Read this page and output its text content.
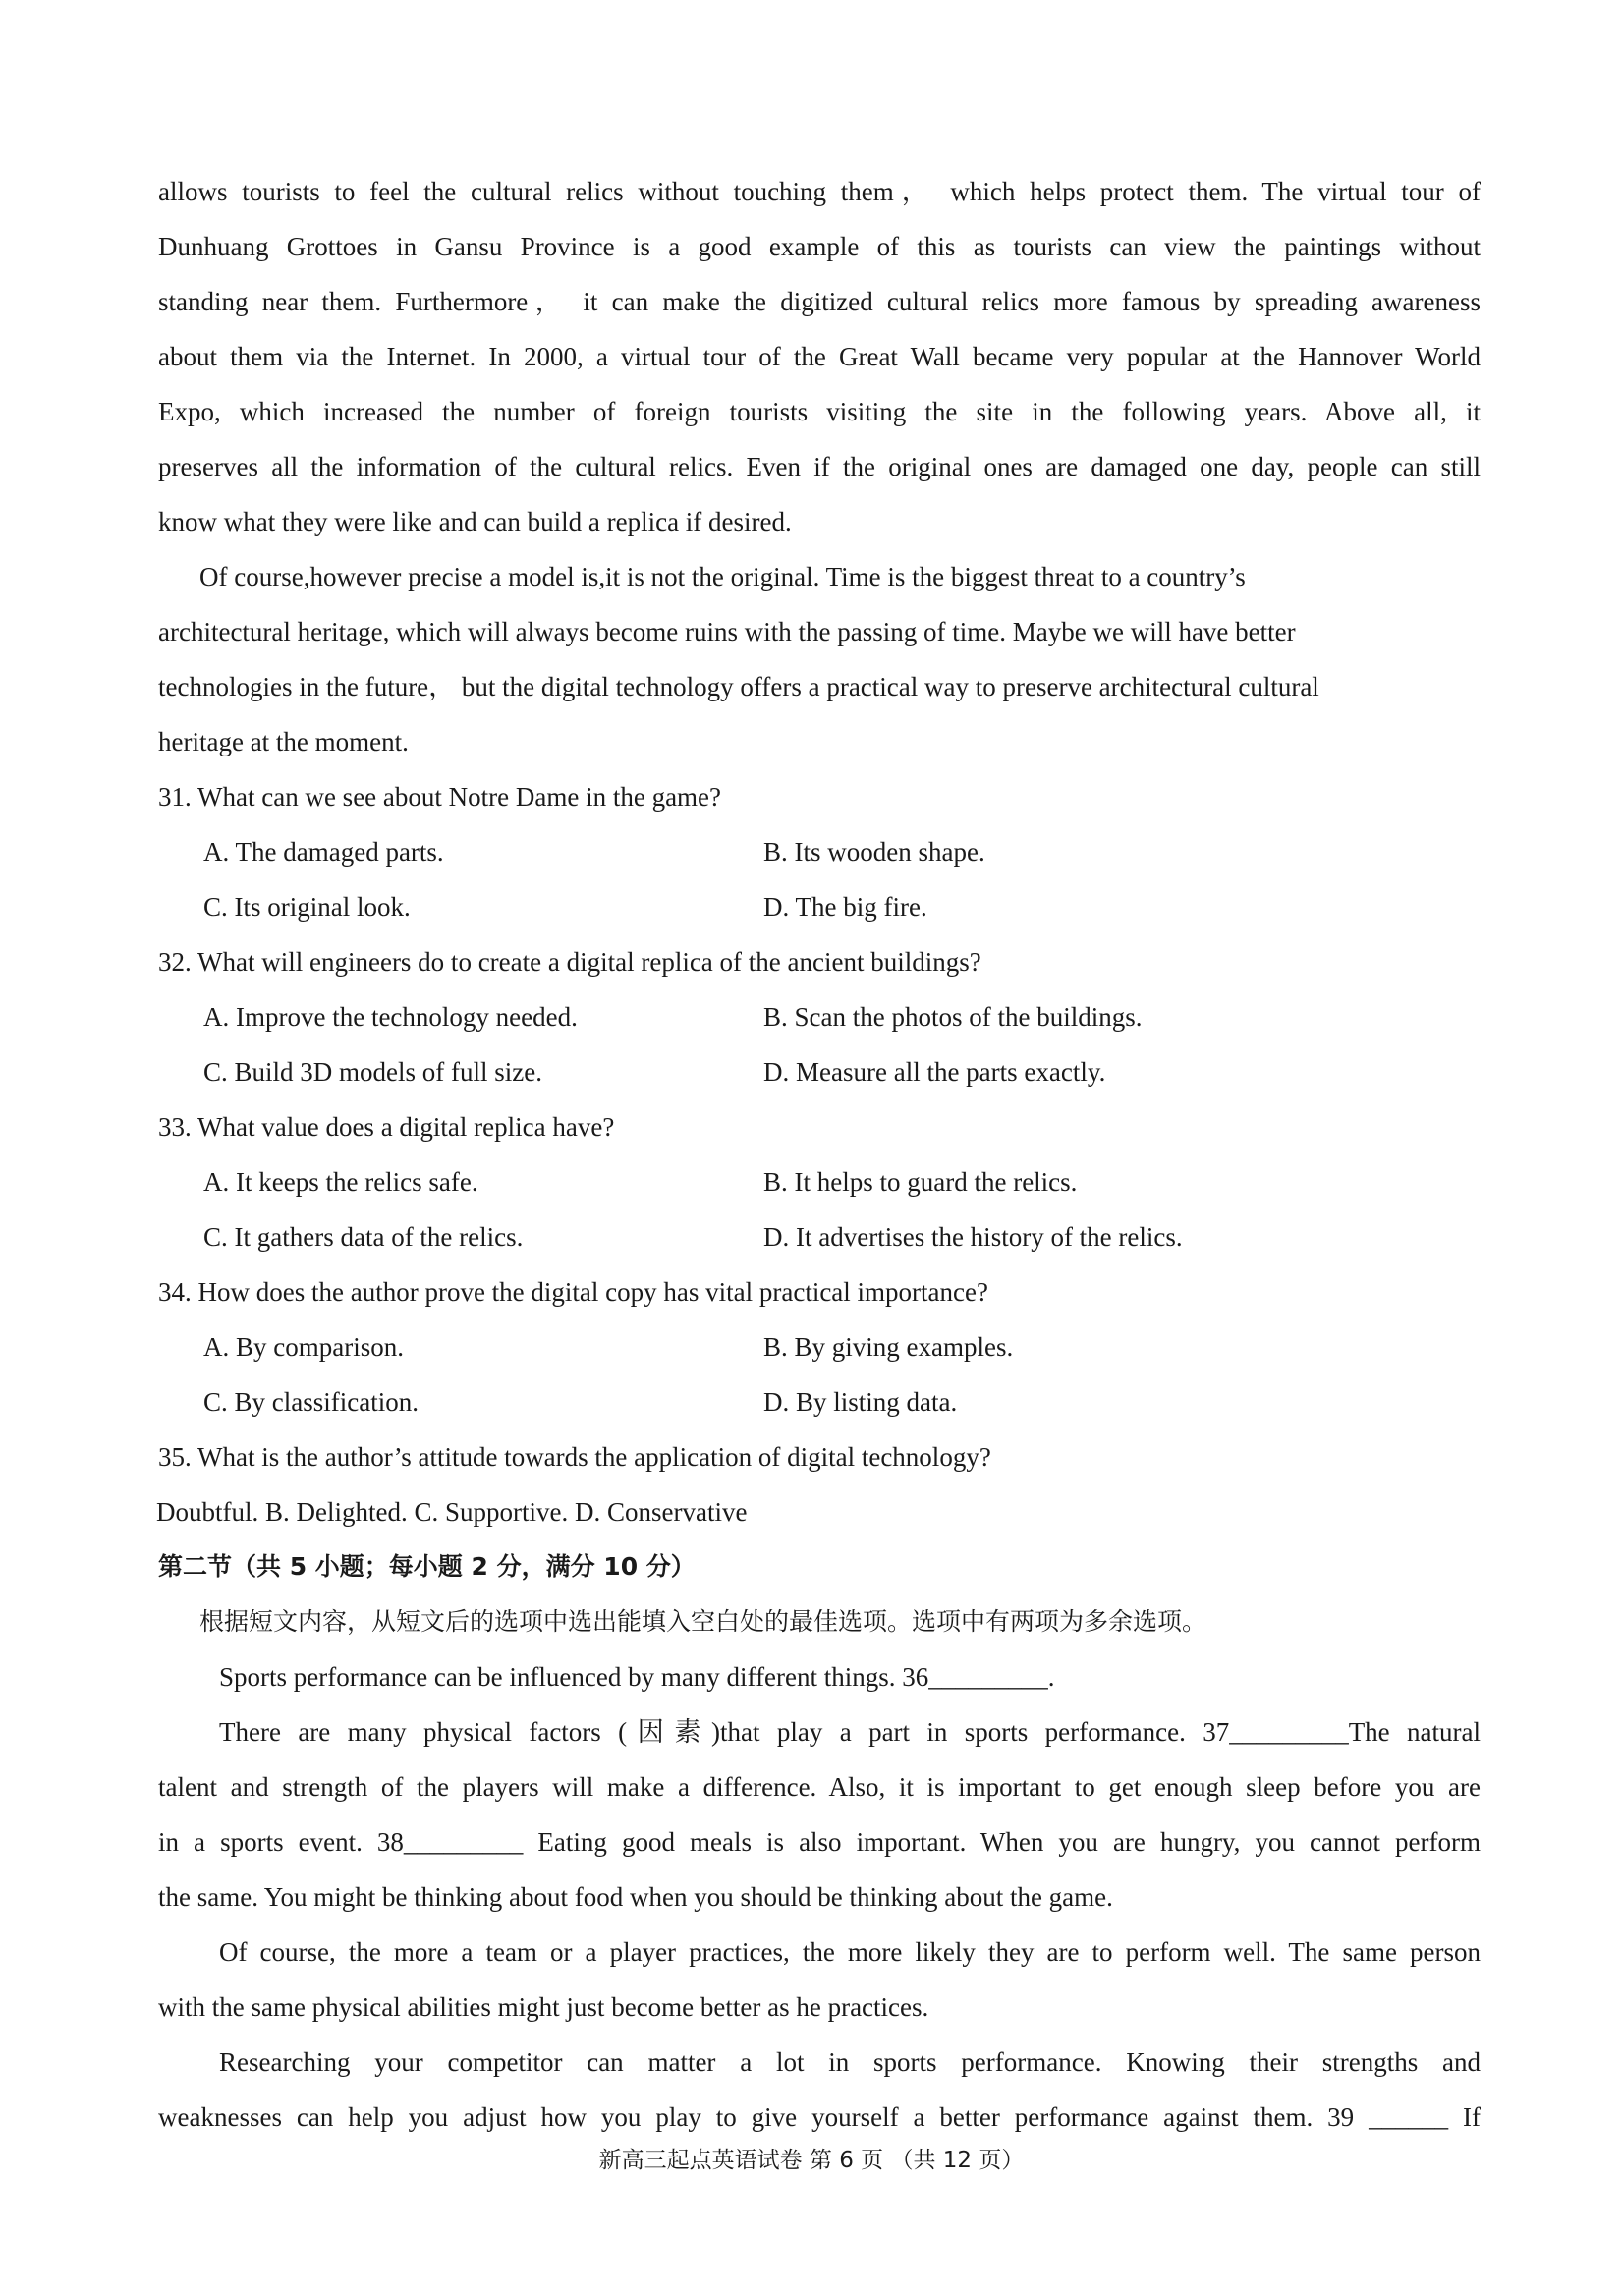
allows tourists to feel the cultural relics without touching them， which helps protect them. The virtual tour of
Dunhuang Grottoes in Gansu Province is a good example of this as tourists can view the paintings without
standing near them. Furthermore， it can make the digitized cultural relics more famous by spreading awareness
about them via the Internet. In 2000, a virtual tour of the Great Wall became very popular at the Hannover World
Expo, which increased the number of foreign tourists visiting the site in the following years. Above all, it
preserves all the information of the cultural relics. Even if the original ones are damaged one day, people can still
know what they were like and can build a replica if desired.
Of course,however precise a model is,it is not the original. Time is the biggest threat to a country’s
architectural heritage, which will always become ruins with the passing of time. Maybe we will have better
technologies in the future， but the digital technology offers a practical way to preserve architectural cultural
heritage at the moment.
31. What can we see about Notre Dame in the game?
A. The damaged parts.	B. Its wooden shape.
C. Its original look.	D. The big fire.
32. What will engineers do to create a digital replica of the ancient buildings?
A. Improve the technology needed.	B. Scan the photos of the buildings.
C. Build 3D models of full size.	D. Measure all the parts exactly.
33. What value does a digital replica have?
A. It keeps the relics safe.	B. It helps to guard the relics.
C. It gathers data of the relics.	D. It advertises the history of the relics.
34. How does the author prove the digital copy has vital practical importance?
A. By comparison.	B. By giving examples.
C. By classification.	D. By listing data.
35. What is the author’s attitude towards the application of digital technology?
Doubtful. B. Delighted. C. Supportive. D. Conservative
第二节（共 5 小题；每小题 2 分，满分 10 分）
根据短文内容，从短文后的选项中选出能填入空白处的最佳选项。选项中有两项为多余选项。
Sports performance can be influenced by many different things. 36_________.
There are many physical factors (因素)that play a part in sports performance. 37_________The natural
talent and strength of the players will make a difference. Also, it is important to get enough sleep before you are
in a sports event. 38_________ Eating good meals is also important. When you are hungry, you cannot perform
the same. You might be thinking about food when you should be thinking about the game.
Of course, the more a team or a player practices, the more likely they are to perform well. The same person
with the same physical abilities might just become better as he practices.
Researching your competitor can matter a lot in sports performance. Knowing their strengths and
weaknesses can help you adjust how you play to give yourself a better performance against them. 39 ______ If
新高三起点英语试卷 第 6 页 （共 12 页）
